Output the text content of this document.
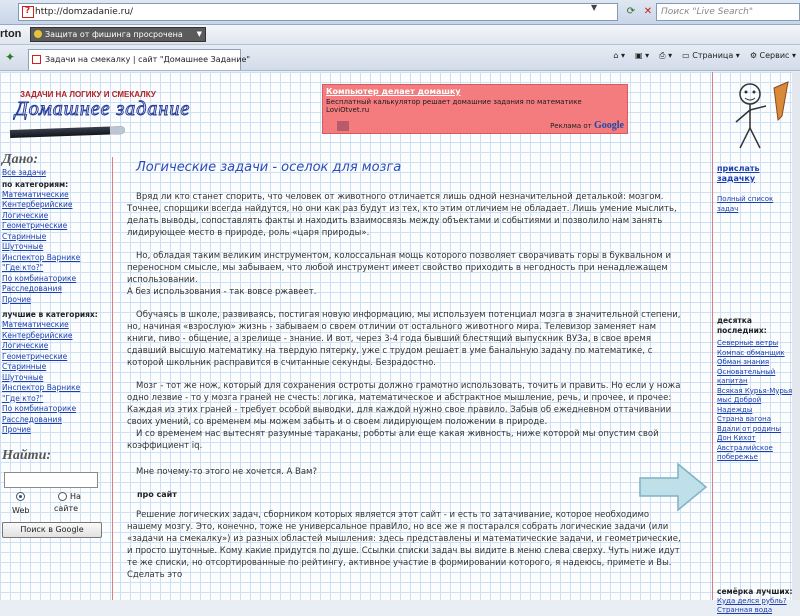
?
http://domzadanie.ru/	▼	⟳ ✕ Поиск "Live Search"
rton	Защита от фишинга просрочена ▼
✦	Задачи на смекалку | сайт "Домашнее Задание"	⌂ ▾ ▣ ▾ ⎙ ▾ ▭ Страница ▾ ⚙ Сервис ▾
ЗАДАЧИ НА ЛОГИКУ И СМЕКАЛКУ
Домашнее задание
Компьютер делает домашку
Бесплатный калькулятор решает домашние задания по математике
LoviOtvet.ru
Реклама от Google
Дано:
Все задачи
по категориям:
Математические
Кентерберийские
Логические
Геометрические
Старинные
Шуточные
Инспектор Варнике
"Где кто?"
По комбинаторике
Расследования
Прочие
лучшие в категориях:
Математические
Кентерберийские
Логические
Геометрические
Старинные
Шуточные
Инспектор Варнике
"Где кто?"
По комбинаторике
Расследования
Прочие
Найти:
Web
На
сайте
Поиск в Google
Логические задачи - оселок для мозга

Вряд ли кто станет спорить, что человек от животного отличается лишь одной незначительной деталькой: мозгом. Точнее, спорщики всегда найдутся, но они как раз будут из тех, кто этим отличием не обладает. Лишь умение мыслить, делать выводы, сопоставлять факты и находить взаимосвязь между объектами и событиями и позволило нам занять лидирующее место в природе, роль «царя природы».

Но, обладая таким великим инструментом, колоссальная мощь которого позволяет сворачивать горы в буквальном и переносном смысле, мы забываем, что любой инструмент имеет свойство приходить в негодность при ненадлежащем использовании.
А без использования - так вовсе ржавеет.

Обучаясь в школе, развиваясь, постигая новую информацию, мы используем потенциал мозга в значительной степени, но, начиная «взрослую» жизнь - забываем о своем отличии от остального животного мира. Телевизор заменяет нам книги, пиво - общение, а зрелище - знание. И вот, через 3-4 года бывший блестящий выпускник ВУЗа, в свое время сдавший высшую математику на твердую пятерку, уже с трудом решает в уме банальную задачу по математике, с которой школьник расправится в считанные секунды. Безрадостно.

Мозг - тот же нож, который для сохранения остроты должно грамотно использовать, точить и править. Но если у ножа одно лезвие - то у мозга граней не счесть: логика, математическое и абстрактное мышление, речь, и прочее, и прочее: Каждая из этих граней - требует особой выводки, для каждой нужно свое правило. Забыв об ежедневном оттачивании своих умений, со временем мы можем забыть и о своем лидирующем положении в природе.
И со временем нас вытеснят разумные тараканы, роботы али еще какая живность, ниже которой мы опустим свой коэффициент iq.

Мне почему-то этого не хочется. А Вам?

про сайт

Решение логических задач, сборником которых является этот сайт - и есть то затачивание, которое необходимо нашему мозгу. Это, конечно, тоже не универсальное правИло, но все же я постарался собрать логические задачи (или «задачи на смекалку») из разных областей мышления: здесь представлены и математические задачи, и геометрические, и просто шуточные. Кому какие придутся по душе. Ссылки списки задач вы видите в меню слева сверху. Чуть ниже идут те же списки, но отсортированные по рейтингу, активное участие в формировании которого, я надеюсь, примете и Вы. Сделать это

прислать задачку
Полный список задач
десятка
последних:
Северные ветры
Компас обманщик
Обман знания
Основательный капитан
Всякая Курья-Мурья мыс Доброй Надежды
Страна вагона
Вдали от родины
Дон Кихот
Австралийское побережье
семёрка лучших:
Куда делся рубль?
Странная вода
